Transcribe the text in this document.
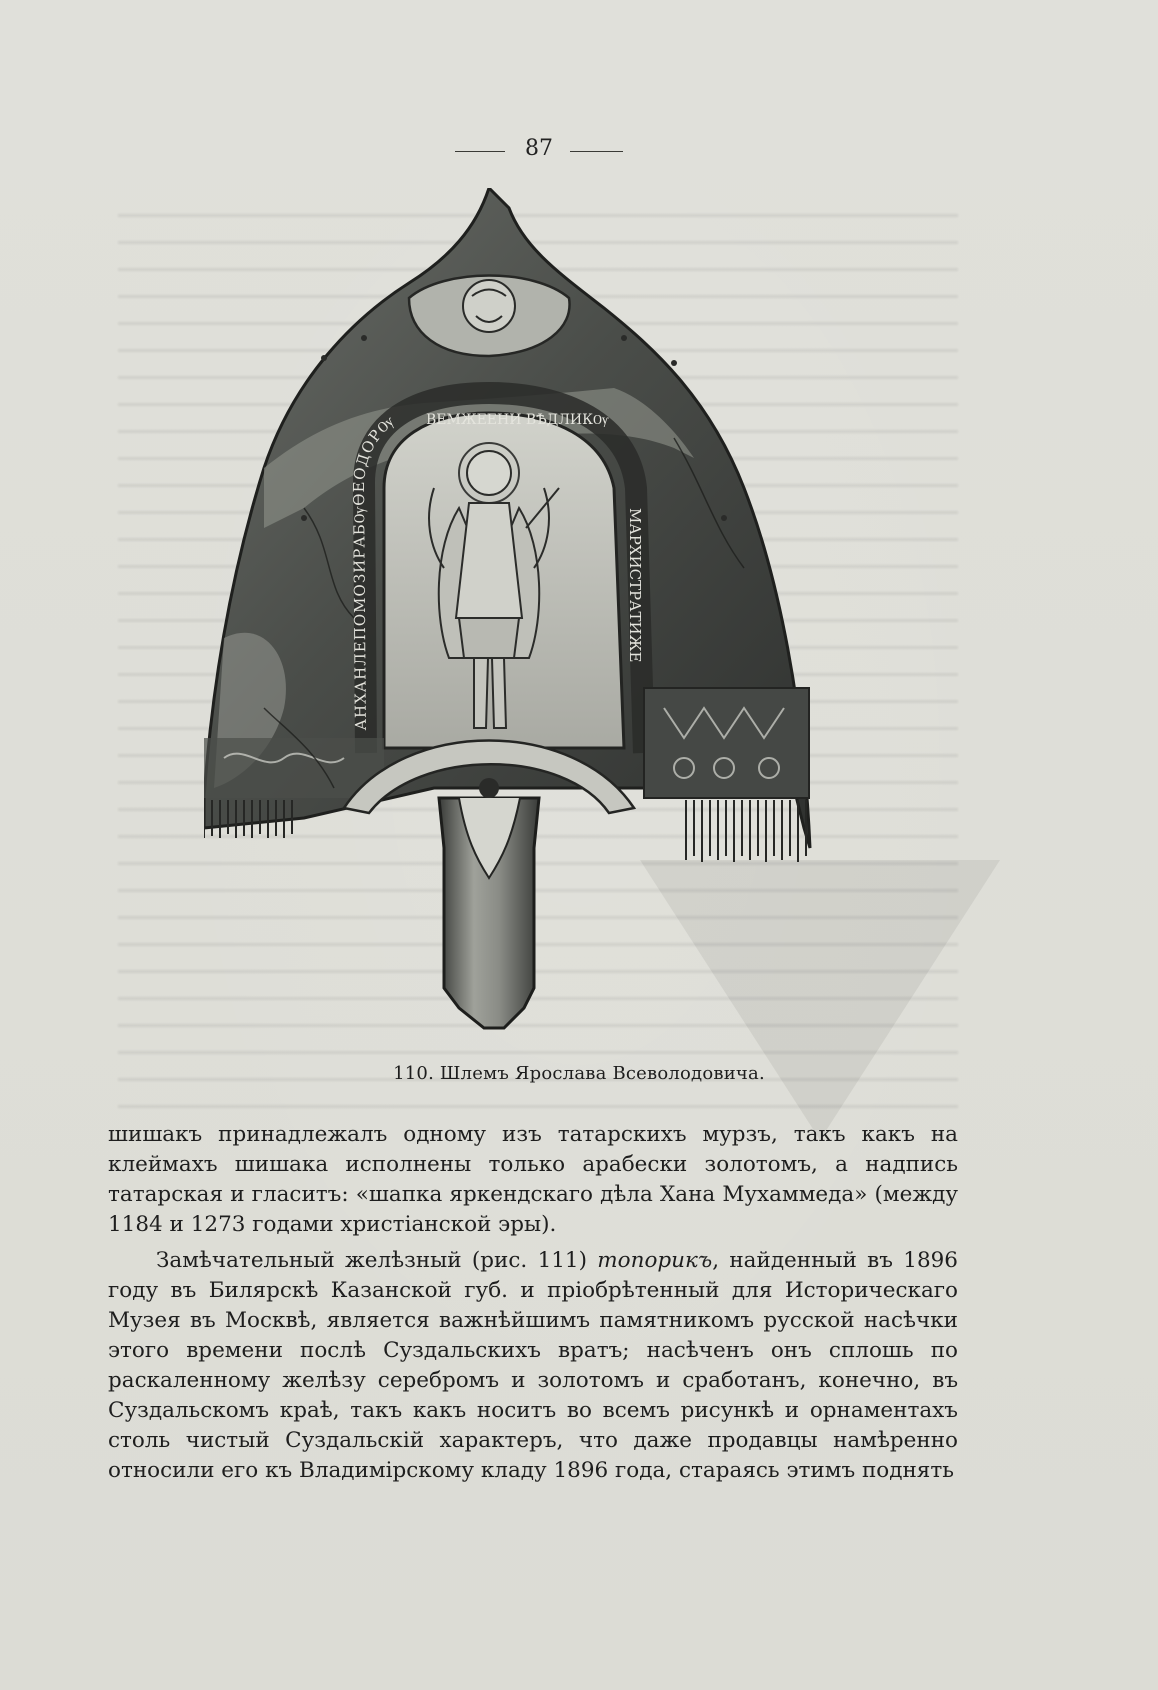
87
АНХАНЛЕПОМОЗИРАБѸѲЕОДОРѸ ВЕМЖЕЕНИ ВѢДЛИКѸ
МАРХИСТРАТИЖЕ
110. Шлемъ Ярослава Всеволодовича.

шишакъ принадлежалъ одному изъ татарскихъ мурзъ, такъ какъ на клеймахъ шишака исполнены только арабески золотомъ, а надпись татарская и гласитъ: «шапка яркендскаго дѣла Хана Мухаммеда» (между 1184 и 1273 годами христіанской эры).

Замѣчательный желѣзный (рис. 111) топорикъ, найденный въ 1896 году въ Билярскѣ Казанской губ. и пріобрѣтенный для Историческаго Музея въ Москвѣ, является важнѣйшимъ памятникомъ русской насѣчки этого времени послѣ Суздальскихъ вратъ; насѣченъ онъ сплошь по раскаленному желѣзу серебромъ и золотомъ и сработанъ, конечно, въ Суздальскомъ краѣ, такъ какъ носитъ во всемъ рисункѣ и орнаментахъ столь чистый Суздальскій характеръ, что даже продавцы намѣренно относили его къ Владимірскому кладу 1896 года, стараясь этимъ поднять
